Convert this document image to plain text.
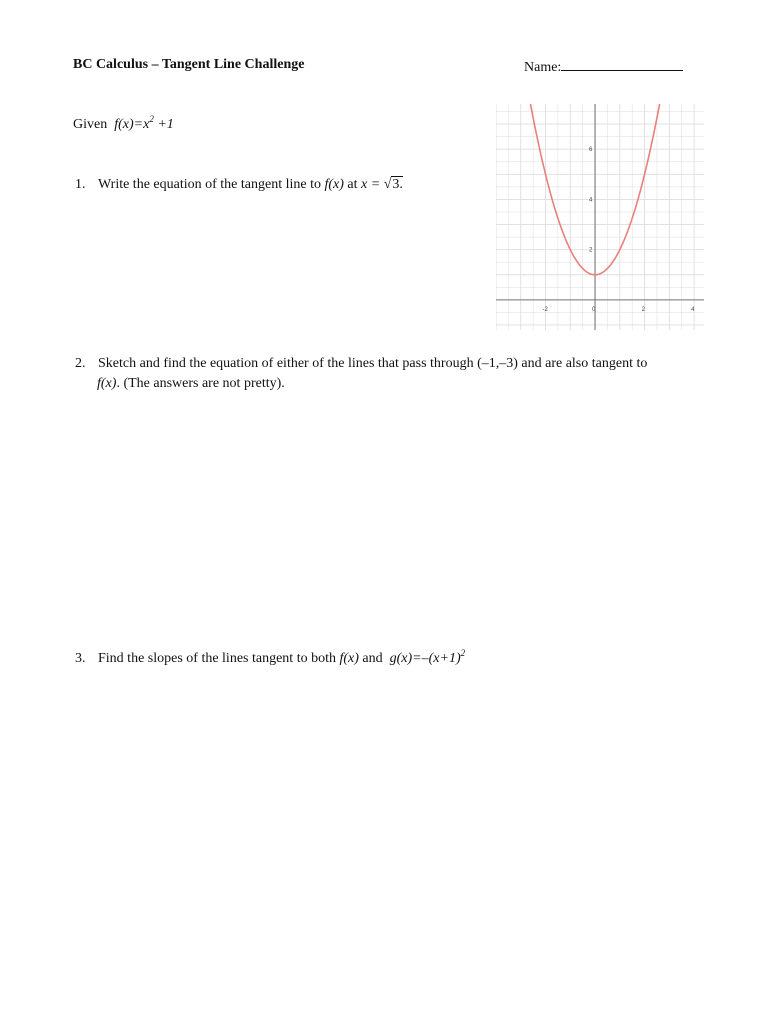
BC Calculus – Tangent Line Challenge	Name:
Given  $f(x)=x^2 +1$
1. Write the equation of the tangent line to f(x) at x = √3.
-2	0	2	4
2
4
6
2. Sketch and find the equation of either of the lines that pass through (–1,–3) and are also tangent to
f(x). (The answers are not pretty).
3. Find the slopes of the lines tangent to both f(x) and  $g(x)=-(x+1)^2$
